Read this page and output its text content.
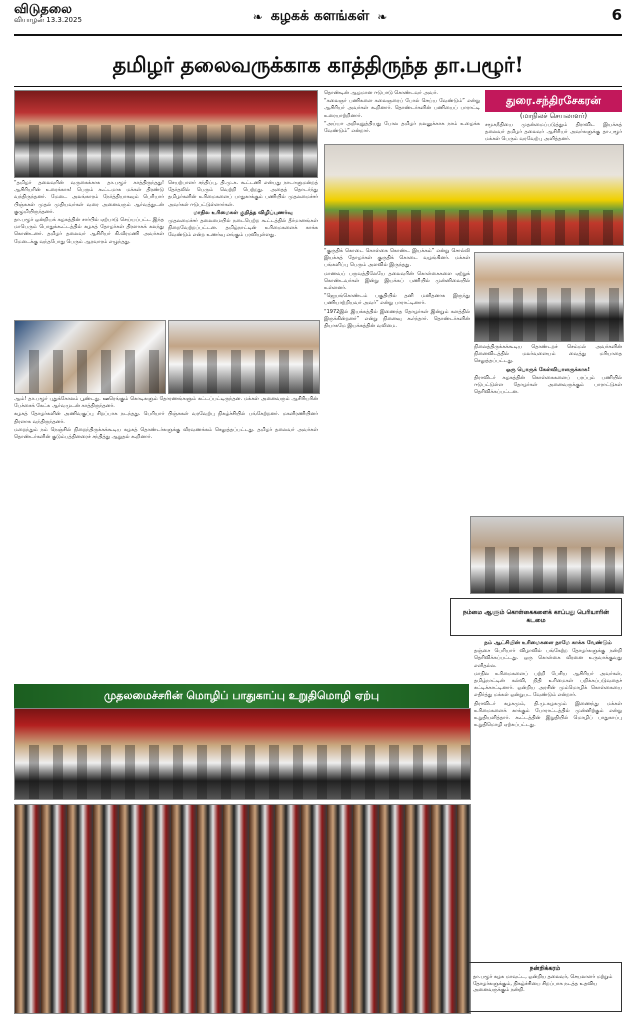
விடுதலை
வியாழன் 13.3.2025	❧ கழகக் களங்கள் ❧	6
தமிழர் தலைவருக்காக காத்திருந்த தா.பழூர்!
துரை.சந்திரசேகரன்
(மாநிலச் செயலாளர்)
முதலமைச்சரின் மொழிப் பாதுகாப்பு உறுதிமொழி ஏற்பு
நம்மை ஆளும் கொள்கைகளைக் காப்பது பெரியாரின் கடமை

“தமிழர் தலைவரின் வருகைக்காக தா.பழூர் காத்திருந்தது! ஆசிரியரின் உரைக்காக! பெரும் கூட்டமாக மக்கள் திரண்டு வந்திருந்தனர். மேடை அலங்காரம் நேர்த்தியாகவும் பெரியார் பிஞ்சுகள் முதல் முதியவர்கள் வரை அனைவரும் ஆர்வத்துடன் குழுமியிருந்தனர்.

தா.பழூர் ஒன்றியக் கழகத்தின் சார்பில் ஏற்பாடு செய்யப்பட்ட இந்த மாபெரும் பொதுக்கூட்டத்தில் கழகத் தோழர்கள் திரளாகக் கலந்து கொண்டனர். தமிழர் தலைவர் ஆசிரியர் கி.வீரமணி அவர்கள் மேடைக்கு வந்தபோது பெரும் ஆரவாரம் எழுந்தது.

செயற்பாளர் சந்திப்பு, தி.மு.க. கூட்டணி என்பது நாடாளுமன்றத் தேர்தலில் பெரும் வெற்றி பெற்றது. அதைத் தொடர்ந்து தமிழர்களின் உரிமைகளைப் பாதுகாக்கும் பணியில் முதலமைச்சர் அவர்கள் ஈடுபட்டுள்ளார்கள்.

மாநில உரிமைகள் குறித்த விழிப்புணர்வு

முதலமைச்சர் தலைமையில் நடைபெற்ற கூட்டத்தில் தீர்மானங்கள் நிறைவேற்றப்பட்டன. தமிழ்நாட்டின் உரிமைகளைக் காக்க வேண்டும் என்ற உணர்வு எங்கும் பரவியுள்ளது.

தொண்டின் ஆழமான ஈடுபாடு கொண்டவர் அவர்.

“கலைஞர் பணிகளை கலைஞரைப் போல் செய்ய வேண்டும்” என்று ஆசிரியர் அவர்கள் கூறினார். தொண்டர்களின் பணியைப் பாராட்டி உரையாற்றினார்.

“அய்யா அறிவுறுத்தியது போல தமிழர் நலனுக்காக நாம் உழைக்க வேண்டும்” என்றார்.

சமூகநீதியை முதன்மைப்படுத்தும் திராவிட இயக்கத் தலைவர் தமிழர் தலைவர் ஆசிரியர் அவர்களுக்கு தா.பழூர் மக்கள் பெரும் வரவேற்பு அளித்தனர்.

ஆம்! தா.பழூர் புதுக்கோலம் பூண்டது. ஊரெங்கும் கொடிகளும் தோரணங்களும் கட்டப்பட்டிருந்தன. மக்கள் அனைவரும் ஆசிரியரின் பேச்சைக் கேட்க ஆர்வமுடன் காத்திருந்தனர்.

கழகத் தோழர்களின் அணிவகுப்பு சிறப்பாக நடந்தது. பெரியார் பிஞ்சுகள் வரவேற்பு நிகழ்ச்சியில் பங்கேற்றனர். மகளிரணியினர் திரளாக வந்திருந்தனர்.

மறைந்தும் நம் நெஞ்சில் நிறைந்திருக்கக்கூடிய கழகத் தொண்டர்களுக்கு வீரவணக்கம் செலுத்தப்பட்டது. தமிழர் தலைவர் அவர்கள் தொண்டர்களின் குடும்பத்தினரைச் சந்தித்து ஆறுதல் கூறினார்.

“குருதிக் கொடை கொள்கை கொண்ட இயக்கம்” என்று சொல்லி இயக்கத் தோழர்கள் குருதிக் கொடை வழங்கினர். மக்கள் பங்களிப்பு பெரும் அளவில் இருந்தது.

மாணவப் பருவத்திலேயே தலைவரின் கொள்கைகளை ஏற்றுக் கொண்டவர்கள் இன்று இயக்கப் பணியில் முன்னிலையில் உள்ளனர்.

“ஜெயங்கொண்டம் பகுதியில் தனி மனிதனாக இருந்து பணியாற்றியவர் அவர்” என்று பாராட்டினார்.

“1972இல் இயக்கத்தில் இணைந்த தோழர்கள் இன்றும் களத்தில் இருக்கின்றனர்” என்று நினைவு கூர்ந்தார். தொண்டர்களின் தியாகமே இயக்கத்தின் வலிமை.

நிலைத்திருக்கக்கூடிய தொண்டறச் செம்மல் அவர்களின் நினைவிடத்தில் மலர்வளையம் வைத்து மரியாதை செலுத்தப்பட்டது.

ஒரு பொருக் கேள்வியாளருக்காக!

திராவிடர் கழகத்தின் கொள்கைகளைப் பரப்பும் பணியில் ஈடுபட்டுள்ள தோழர்கள் அனைவருக்கும் பாராட்டுகள் தெரிவிக்கப்பட்டன.

நம் ஆட்சியின் உரிமைகளை நாமே காக்க வேண்டும்

தஞ்சை பெரியார் விழாவில் பங்கேற்ற தோழர்களுக்கு நன்றி தெரிவிக்கப்பட்டது. ஒரு கொள்கை வீரனை உருவாக்குவது எளிதல்ல.

மாநில உரிமைகளைப் பற்றி பேசிய ஆசிரியர் அவர்கள், தமிழ்நாட்டின் கல்வி, நிதி உரிமைகள் பறிக்கப்படுவதைச் சுட்டிக்காட்டினார். ஒன்றிய அரசின் மும்மொழிக் கொள்கையை எதிர்த்து மக்கள் ஒன்றுபட வேண்டும் என்றார்.

திராவிடர் கழகமும், தி.மு.கழகமும் இணைந்து மக்கள் உரிமைகளைக் காக்கும் போராட்டத்தில் முன்னிற்கும் என்று உறுதியளித்தார். கூட்டத்தின் இறுதியில் மொழிப் பாதுகாப்பு உறுதிமொழி ஏற்கப்பட்டது.

நன்றிக்கரம்
தா.பழூர் கழக மாவட்ட, ஒன்றிய தலைவர், செயலாளர் மற்றும் தோழர்களுக்கும், நிகழ்ச்சியை சிறப்பாக நடத்த உதவிய அனைவருக்கும் நன்றி.
